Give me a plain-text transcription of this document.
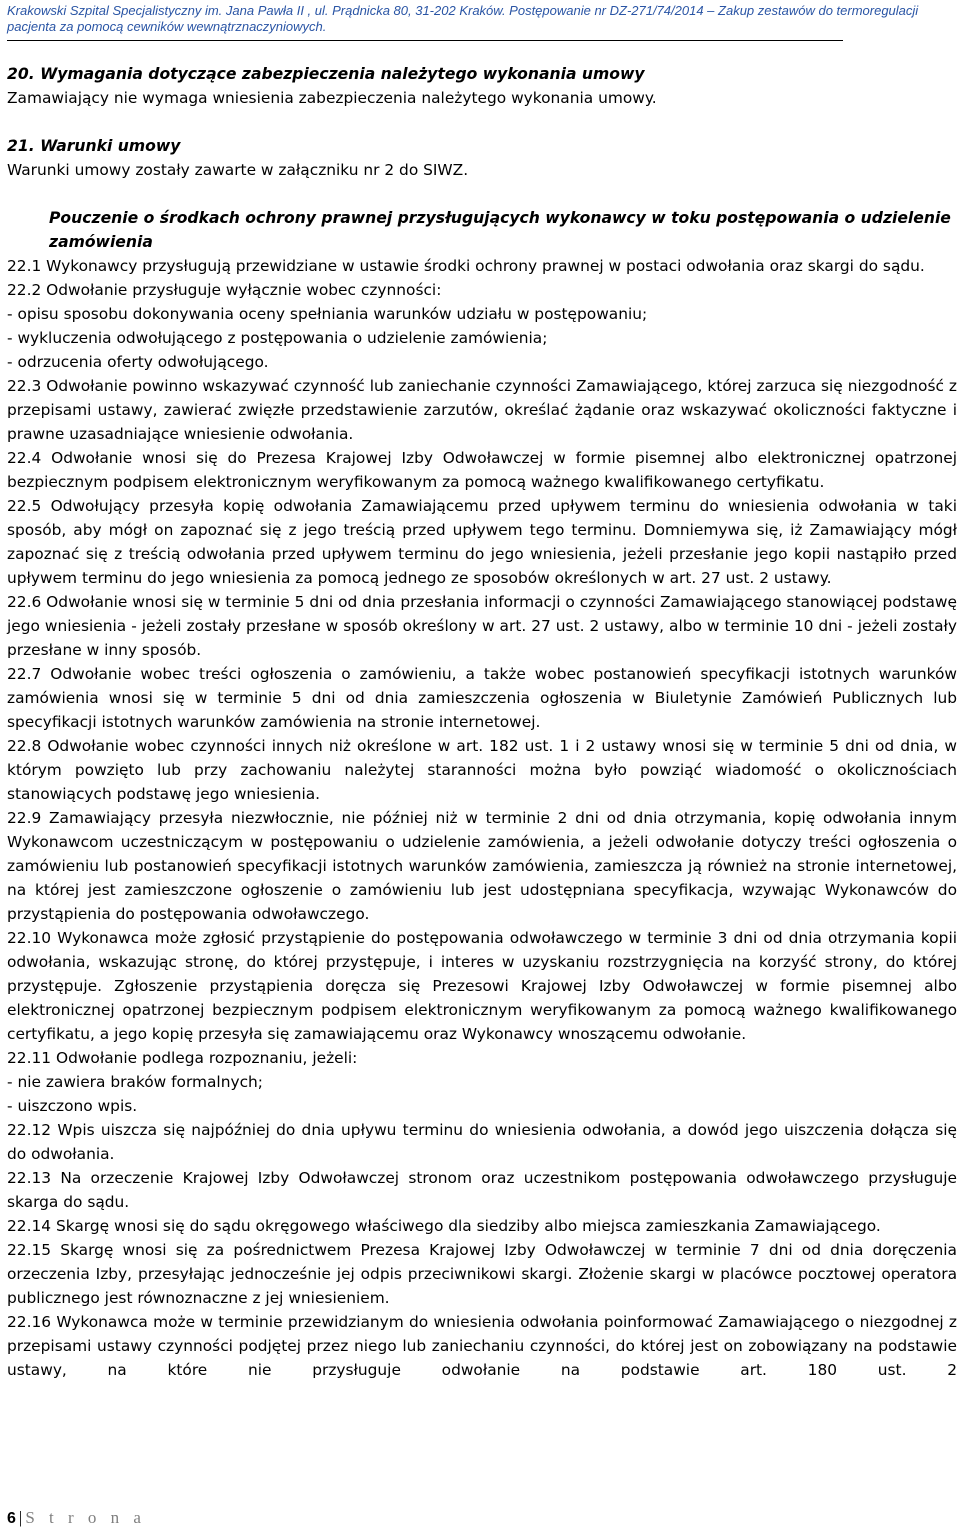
Krakowski Szpital Specjalistyczny im. Jana Pawła II , ul. Prądnicka 80, 31-202 Kraków. Postępowanie nr DZ-271/74/2014 – Zakup zestawów do termoregulacji pacjenta za pomocą cewników wewnątrznaczyniowych.
20. Wymagania dotyczące zabezpieczenia należytego wykonania umowy
Zamawiający nie wymaga wniesienia zabezpieczenia należytego wykonania umowy.
21. Warunki umowy
Warunki umowy zostały zawarte w załączniku nr 2 do SIWZ.
Pouczenie o środkach ochrony prawnej przysługujących wykonawcy w toku postępowania o udzielenie zamówienia
22.1 Wykonawcy przysługują przewidziane w ustawie środki ochrony prawnej w postaci odwołania oraz skargi do sądu.
22.2 Odwołanie przysługuje wyłącznie wobec czynności:
- opisu sposobu dokonywania oceny spełniania warunków udziału w postępowaniu;
- wykluczenia odwołującego z postępowania o udzielenie zamówienia;
- odrzucenia oferty odwołującego.
22.3 Odwołanie powinno wskazywać czynność lub zaniechanie czynności Zamawiającego, której zarzuca się niezgodność z przepisami ustawy, zawierać zwięzłe przedstawienie zarzutów, określać żądanie oraz wskazywać okoliczności faktyczne i prawne uzasadniające wniesienie odwołania.
22.4 Odwołanie wnosi się do Prezesa Krajowej Izby Odwoławczej w formie pisemnej albo elektronicznej opatrzonej bezpiecznym podpisem elektronicznym weryfikowanym za pomocą ważnego kwalifikowanego certyfikatu.
22.5 Odwołujący przesyła kopię odwołania Zamawiającemu przed upływem terminu do wniesienia odwołania w taki sposób, aby mógł on zapoznać się z jego treścią przed upływem tego terminu. Domniemywa się, iż Zamawiający mógł zapoznać się z treścią odwołania przed upływem terminu do jego wniesienia, jeżeli przesłanie jego kopii nastąpiło przed upływem terminu do jego wniesienia za pomocą jednego ze sposobów określonych w art. 27 ust. 2 ustawy.
22.6 Odwołanie wnosi się w terminie 5 dni od dnia przesłania informacji o czynności Zamawiającego stanowiącej podstawę jego wniesienia - jeżeli zostały przesłane w sposób określony w art. 27 ust. 2 ustawy, albo w terminie 10 dni - jeżeli zostały przesłane w inny sposób.
22.7 Odwołanie wobec treści ogłoszenia o zamówieniu, a także wobec postanowień specyfikacji istotnych warunków zamówienia wnosi się w terminie 5 dni od dnia zamieszczenia ogłoszenia w Biuletynie Zamówień Publicznych lub specyfikacji istotnych warunków zamówienia na stronie internetowej.
22.8 Odwołanie wobec czynności innych niż określone w art. 182 ust. 1 i 2 ustawy wnosi się w terminie 5 dni od dnia, w którym powzięto lub przy zachowaniu należytej staranności można było powziąć wiadomość o okolicznościach stanowiących podstawę jego wniesienia.
22.9 Zamawiający przesyła niezwłocznie, nie później niż w terminie 2 dni od dnia otrzymania, kopię odwołania innym Wykonawcom uczestniczącym w postępowaniu o udzielenie zamówienia, a jeżeli odwołanie dotyczy treści ogłoszenia o zamówieniu lub postanowień specyfikacji istotnych warunków zamówienia, zamieszcza ją również na stronie internetowej, na której jest zamieszczone ogłoszenie o zamówieniu lub jest udostępniana specyfikacja, wzywając Wykonawców do przystąpienia do postępowania odwoławczego.
22.10 Wykonawca może zgłosić przystąpienie do postępowania odwoławczego w terminie 3 dni od dnia otrzymania kopii odwołania, wskazując stronę, do której przystępuje, i interes w uzyskaniu rozstrzygnięcia na korzyść strony, do której przystępuje. Zgłoszenie przystąpienia doręcza się Prezesowi Krajowej Izby Odwoławczej w formie pisemnej albo elektronicznej opatrzonej bezpiecznym podpisem elektronicznym weryfikowanym za pomocą ważnego kwalifikowanego certyfikatu, a jego kopię przesyła się zamawiającemu oraz Wykonawcy wnoszącemu odwołanie.
22.11 Odwołanie podlega rozpoznaniu, jeżeli:
- nie zawiera braków formalnych;
- uiszczono wpis.
22.12 Wpis uiszcza się najpóźniej do dnia upływu terminu do wniesienia odwołania, a dowód jego uiszczenia dołącza się do odwołania.
22.13 Na orzeczenie Krajowej Izby Odwoławczej stronom oraz uczestnikom postępowania odwoławczego przysługuje skarga do sądu.
22.14 Skargę wnosi się do sądu okręgowego właściwego dla siedziby albo miejsca zamieszkania Zamawiającego.
22.15 Skargę wnosi się za pośrednictwem Prezesa Krajowej Izby Odwoławczej w terminie 7 dni od dnia doręczenia orzeczenia Izby, przesyłając jednocześnie jej odpis przeciwnikowi skargi. Złożenie skargi w placówce pocztowej operatora publicznego jest równoznaczne z jej wniesieniem.
22.16 Wykonawca może w terminie przewidzianym do wniesienia odwołania poinformować Zamawiającego o niezgodnej z przepisami ustawy czynności podjętej przez niego lub zaniechaniu czynności, do której jest on zobowiązany na podstawie ustawy, na które nie przysługuje odwołanie na podstawie art. 180 ust. 2
6 | S t r o n a
